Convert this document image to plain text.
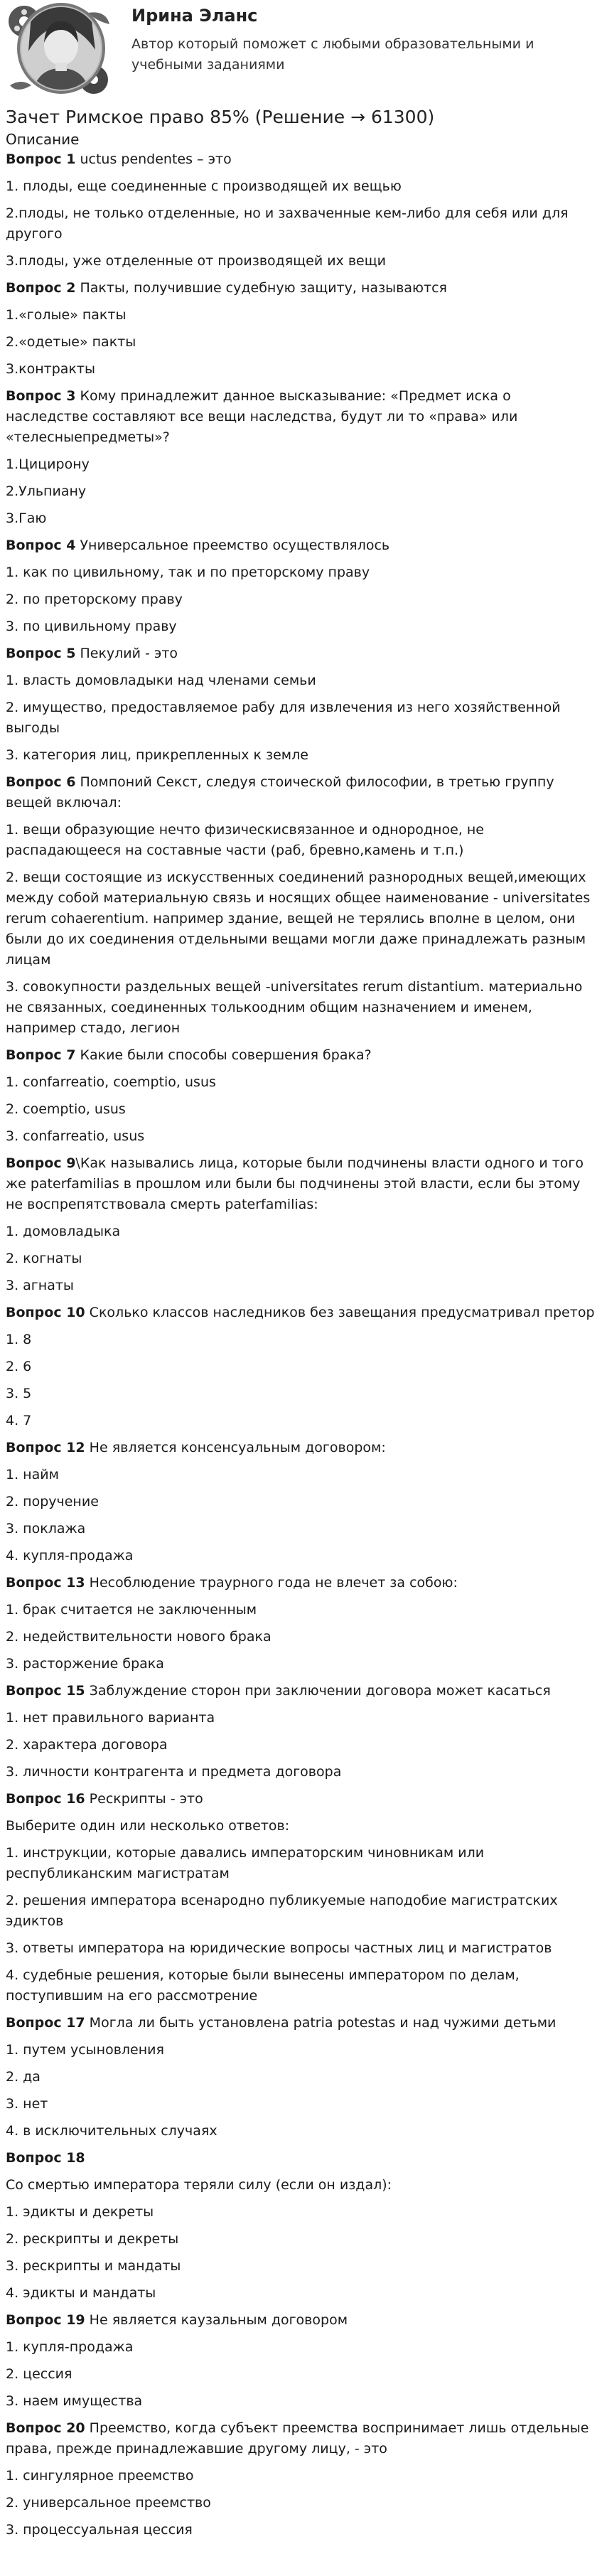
Ирина Эланс

Автор который поможет с любыми образовательными и учебными заданиями

Зачет Римское право 85% (Решение → 61300)

Описание

Вопрос 1 uctus pendentes – это

1. плоды, еще соединенные с производящей их вещью

2.плоды, не только отделенные, но и захваченные кем-либо для себя или для другого

3.плоды, уже отделенные от производящей их вещи

Вопрос 2 Пакты, получившие судебную защиту, называются

1.«голые» пакты

2.«одетые» пакты

3.контракты

Вопрос 3 Кому принадлежит данное высказывание: «Предмет иска о наследстве составляют все вещи наследства, будут ли то «права» или «телесныепредметы»?

1.Цицирону

2.Ульпиану

3.Гаю

Вопрос 4 Универсальное преемство осуществлялось

1. как по цивильному, так и по преторскому праву

2. по преторскому праву

3. по цивильному праву

Вопрос 5 Пекулий - это

1. власть домовладыки над членами семьи

2. имущество, предоставляемое рабу для извлечения из него хозяйственной выгоды

3. категория лиц, прикрепленных к земле

Вопрос 6 Помпоний Секст, следуя стоической философии, в третью группу вещей включал:

1. вещи образующие нечто физическисвязанное и однородное, не распадающееся на составные части (раб, бревно,камень и т.п.)

2. вещи состоящие из искусственных соединений разнородных вещей,имеющих между собой материальную связь и носящих общее наименование - universitates rerum cohaerentium. например здание, вещей не терялись вполне в целом, они были до их соединения отдельными вещами могли даже принадлежать разным лицам

3. совокупности раздельных вещей -universitates rerum distantium. материально не связанных, соединенных толькоодним общим назначением и именем, например стадо, легион

Вопрос 7 Какие были способы совершения брака?

1. confarreatio, coemptio, usus

2. coemptio, usus

3. confarreatio, usus

Вопрос 9\Как назывались лица, которые были подчинены власти одного и того же paterfamilias в прошлом или были бы подчинены этой власти, если бы этому не воспрепятствовала смерть paterfamilias:

1. домовладыка

2. когнаты

3. агнаты

Вопрос 10 Сколько классов наследников без завещания предусматривал претор

1. 8

2. 6

3. 5

4. 7

Вопрос 12 Не является консенсуальным договором:

1. найм

2. поручение

3. поклажа

4. купля-продажа

Вопрос 13 Несоблюдение траурного года не влечет за собою:

1. брак считается не заключенным

2. недействительности нового брака

3. расторжение брака

Вопрос 15 Заблуждение сторон при заключении договора может касаться

1. нет правильного варианта

2. характера договора

3. личности контрагента и предмета договора

Вопрос 16 Рескрипты - это

Выберите один или несколько ответов:

1. инструкции, которые давались императорским чиновникам или республиканским магистратам

2. решения императора всенародно публикуемые наподобие магистратских эдиктов

3. ответы императора на юридические вопросы частных лиц и магистратов

4. судебные решения, которые были вынесены императором по делам, поступившим на его рассмотрение

Вопрос 17 Могла ли быть установлена patria potestas и над чужими детьми

1. путем усыновления

2. да

3. нет

4. в исключительных случаях

Вопрос 18

Со смертью императора теряли силу (если он издал):

1. эдикты и декреты

2. рескрипты и декреты

3. рескрипты и мандаты

4. эдикты и мандаты

Вопрос 19 Не является каузальным договором

1. купля-продажа

2. цессия

3. наем имущества

Вопрос 20 Преемство, когда субъект преемства воспринимает лишь отдельные права, прежде принадлежавшие другому лицу, - это

1. сингулярное преемство

2. универсальное преемство

3. процессуальная цессия
